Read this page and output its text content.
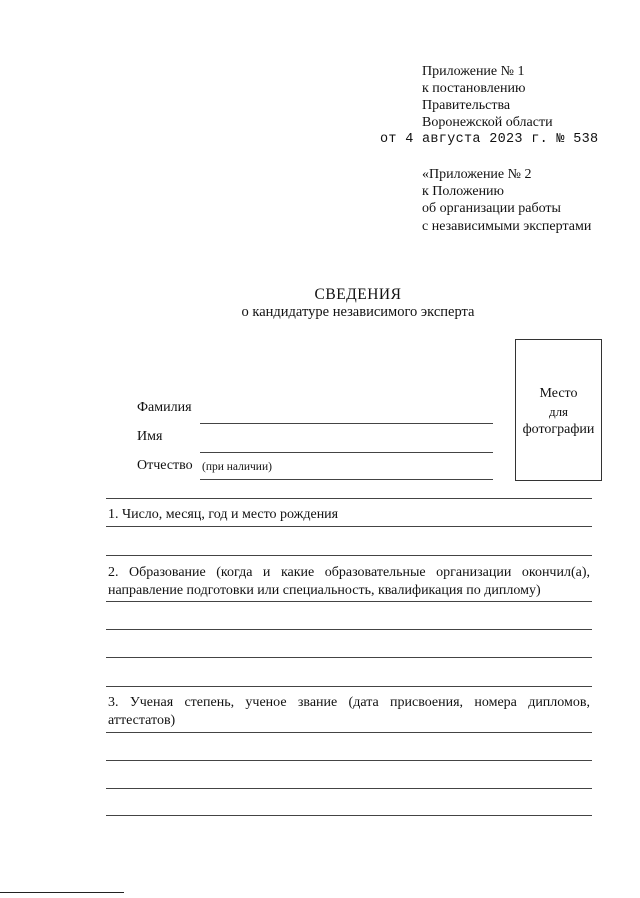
Приложение № 1
к постановлению
Правительства
Воронежской области
от 4 августа 2023 г. № 538
«Приложение № 2
к Положению
об организации работы
с независимыми экспертами
СВЕДЕНИЯ
о кандидатуре независимого эксперта
Место
для
фотографии
Фамилия
Имя
Отчество (при наличии)
1. Число, месяц, год и место рождения
2. Образование (когда и какие образовательные организации окончил(а), направление подготовки или специальность, квалификация по диплому)
3. Ученая степень, ученое звание (дата присвоения, номера дипломов, аттестатов)
